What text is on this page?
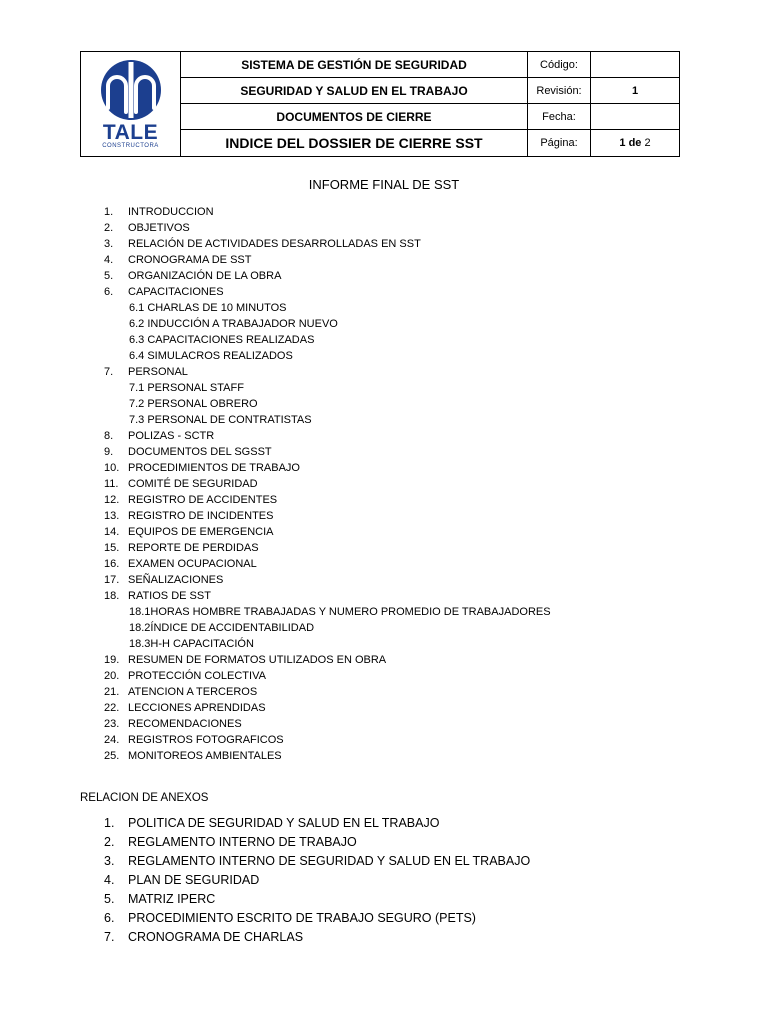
TALE
CONSTRUCTORA	SISTEMA DE GESTIÓN DE SEGURIDAD	Código:	
	SEGURIDAD Y SALUD EN EL TRABAJO	Revisión:	1
	DOCUMENTOS DE CIERRE	Fecha:	
	INDICE DEL DOSSIER DE CIERRE SST	Página:	1 de 2
INFORME FINAL DE SST
1.	INTRODUCCION
2.	OBJETIVOS
3.	RELACIÓN DE ACTIVIDADES DESARROLLADAS EN SST
4.	CRONOGRAMA DE SST
5.	ORGANIZACIÓN DE LA OBRA
6.	CAPACITACIONES
6.1 CHARLAS DE 10 MINUTOS
6.2 INDUCCIÓN A TRABAJADOR NUEVO
6.3 CAPACITACIONES REALIZADAS
6.4 SIMULACROS REALIZADOS
7.	PERSONAL
7.1 PERSONAL STAFF
7.2 PERSONAL OBRERO
7.3 PERSONAL DE CONTRATISTAS
8.	POLIZAS - SCTR
9.	DOCUMENTOS DEL SGSST
10. PROCEDIMIENTOS DE TRABAJO
11. COMITÉ DE SEGURIDAD
12. REGISTRO DE ACCIDENTES
13. REGISTRO DE INCIDENTES
14. EQUIPOS DE EMERGENCIA
15. REPORTE DE PERDIDAS
16. EXAMEN OCUPACIONAL
17. SEÑALIZACIONES
18. RATIOS DE SST
18.1HORAS HOMBRE TRABAJADAS Y NUMERO PROMEDIO DE TRABAJADORES
18.2ÍNDICE DE ACCIDENTABILIDAD
18.3H-H CAPACITACIÓN
19. RESUMEN DE FORMATOS UTILIZADOS EN OBRA
20. PROTECCIÓN COLECTIVA
21. ATENCION A TERCEROS
22. LECCIONES APRENDIDAS
23. RECOMENDACIONES
24. REGISTROS FOTOGRAFICOS
25. MONITOREOS AMBIENTALES
RELACION DE ANEXOS
1.	POLITICA DE SEGURIDAD Y SALUD EN EL TRABAJO
2.	REGLAMENTO INTERNO DE TRABAJO
3.	REGLAMENTO INTERNO DE SEGURIDAD Y SALUD EN EL TRABAJO
4.	PLAN DE SEGURIDAD
5.	MATRIZ IPERC
6.	PROCEDIMIENTO ESCRITO DE TRABAJO SEGURO (PETS)
7.	CRONOGRAMA DE CHARLAS
